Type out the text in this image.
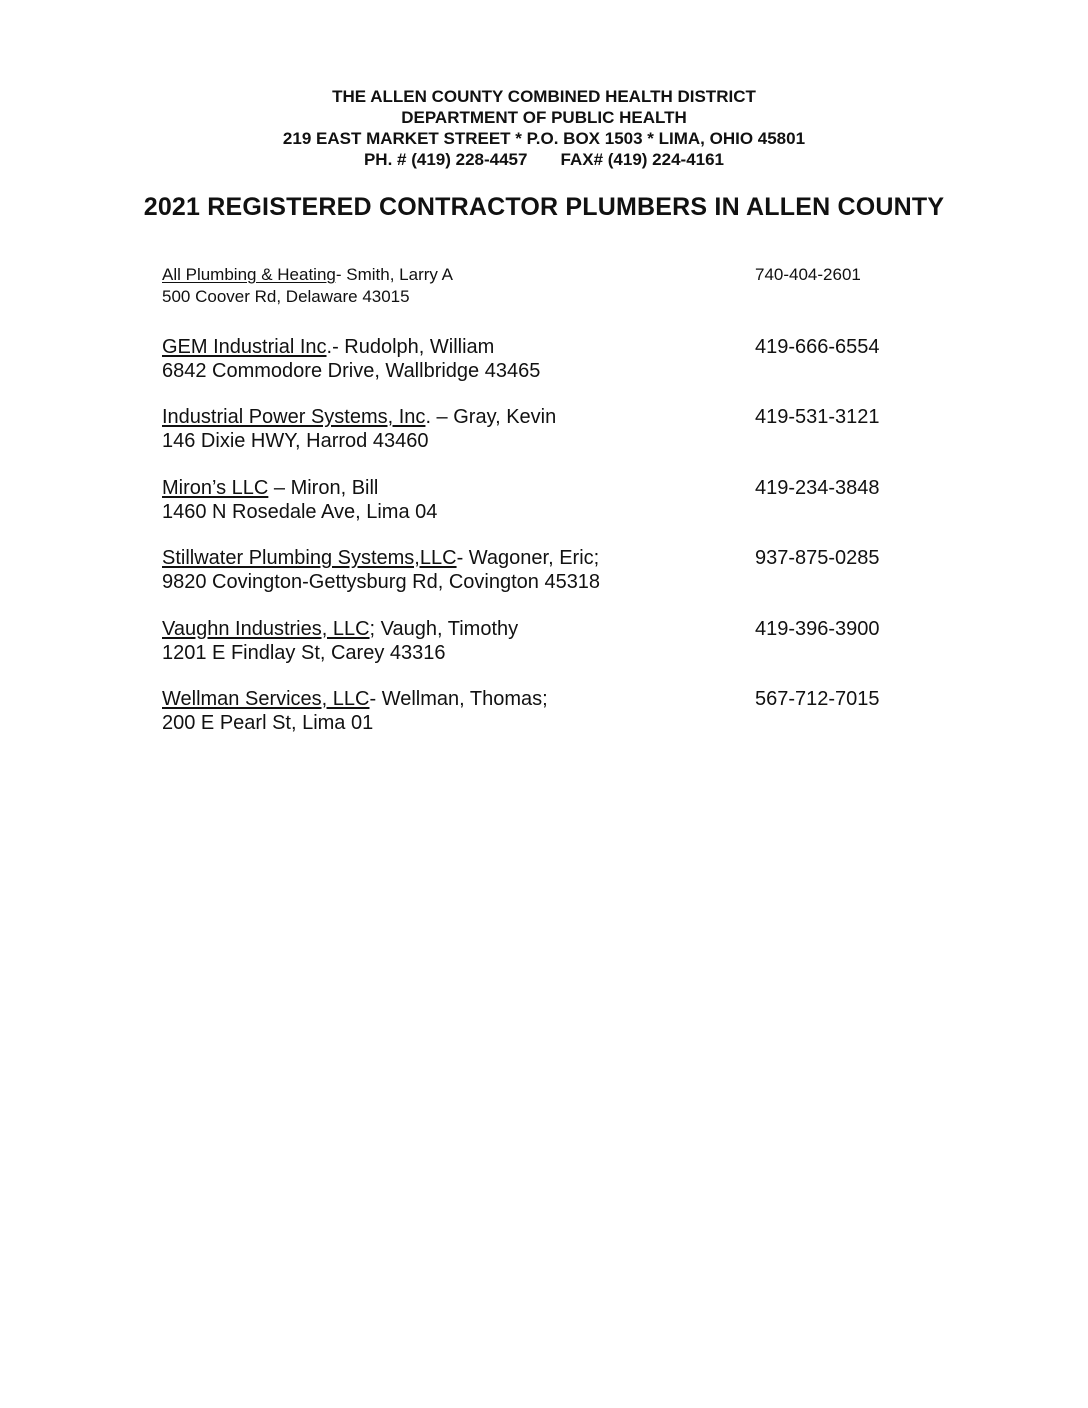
THE ALLEN COUNTY COMBINED HEALTH DISTRICT
DEPARTMENT OF PUBLIC HEALTH
219 EAST MARKET STREET * P.O. BOX 1503 * LIMA, OHIO 45801
PH. # (419) 228-4457       FAX# (419) 224-4161
2021 REGISTERED CONTRACTOR PLUMBERS IN ALLEN COUNTY
All Plumbing & Heating- Smith, Larry A
500 Coover Rd, Delaware 43015
740-404-2601
GEM Industrial Inc.- Rudolph, William
6842 Commodore Drive, Wallbridge 43465
419-666-6554
Industrial Power Systems, Inc. – Gray, Kevin
146 Dixie HWY, Harrod 43460
419-531-3121
Miron’s LLC – Miron, Bill
1460 N Rosedale Ave, Lima 04
419-234-3848
Stillwater Plumbing Systems,LLC- Wagoner, Eric;
9820 Covington-Gettysburg Rd, Covington 45318
937-875-0285
Vaughn Industries, LLC; Vaugh, Timothy
1201 E Findlay St, Carey 43316
419-396-3900
Wellman Services, LLC- Wellman, Thomas;
200 E Pearl St, Lima 01
567-712-7015
